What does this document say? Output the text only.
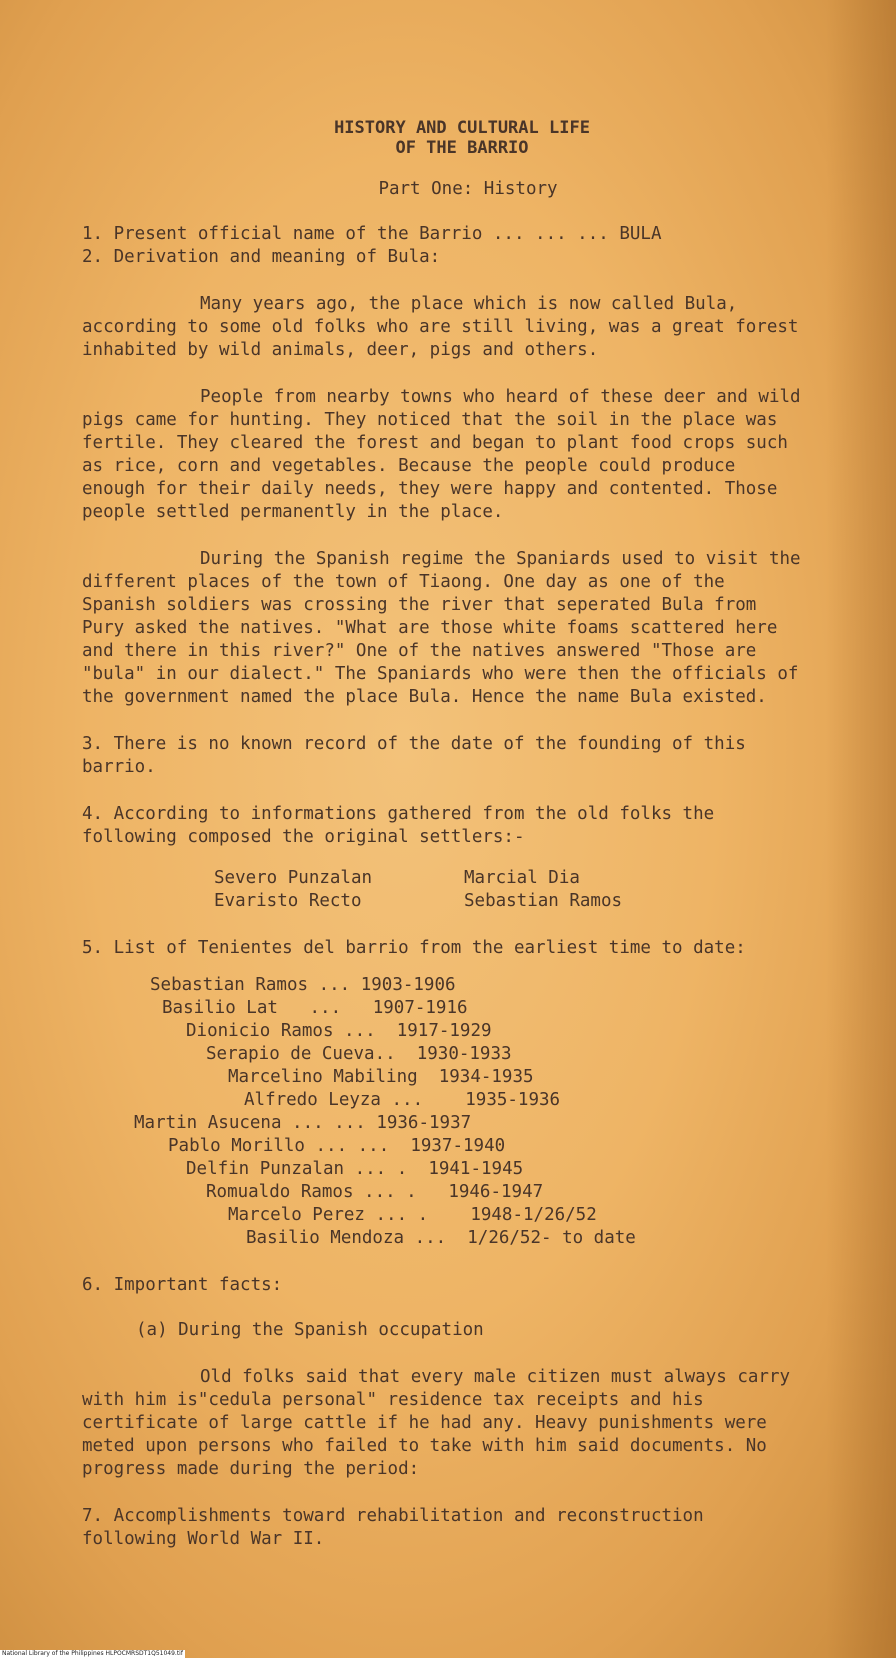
HISTORY AND CULTURAL LIFE

OF THE BARRIO

Part One: History

1. Present official name of the Barrio ... ... ... BULA

2. Derivation and meaning of Bula:

Many years ago, the place which is now called Bula, according to some old folks who are still living, was a great forest inhabited by wild animals, deer, pigs and others.

People from nearby towns who heard of these deer and wild pigs came for hunting. They noticed that the soil in the place was fertile. They cleared the forest and began to plant food crops such as rice, corn and vegetables. Because the people could produce enough for their daily needs, they were happy and contented. Those people settled permanently in the place.

During the Spanish regime the Spaniards used to visit the different places of the town of Tiaong. One day as one of the Spanish soldiers was crossing the river that seperated Bula from Pury asked the natives. "What are those white foams scattered here and there in this river?" One of the natives answered "Those are "bula" in our dialect." The Spaniards who were then the officials of the government named the place Bula. Hence the name Bula existed.

3. There is no known record of the date of the founding of this barrio.

4. According to informations gathered from the old folks the following composed the original settlers:-

Severo Punzalan	Marcial Dia
Evaristo Recto	Sebastian Ramos

5. List of Tenientes del barrio from the earliest time to date:

Sebastian Ramos ... 1903-1906
Basilio Lat   ...   1907-1916
Dionicio Ramos ...  1917-1929
Serapio de Cueva..  1930-1933
Marcelino Mabiling  1934-1935
Alfredo Leyza ...    1935-1936
Martin Asucena ... ... 1936-1937
Pablo Morillo ... ...  1937-1940
Delfin Punzalan ... .  1941-1945
Romualdo Ramos ... .   1946-1947
Marcelo Perez ... .    1948-1/26/52
Basilio Mendoza ...  1/26/52- to date

6. Important facts:

(a) During the Spanish occupation

Old folks said that every male citizen must always carry with him is"cedula personal" residence tax receipts and his certificate of large cattle if he had any. Heavy punishments were meted upon persons who failed to take with him said documents. No progress made during the period:

7. Accomplishments toward rehabilitation and reconstruction following World War II.

National Library of the Philippines HLPOCMRSDT1Q51049.tif
